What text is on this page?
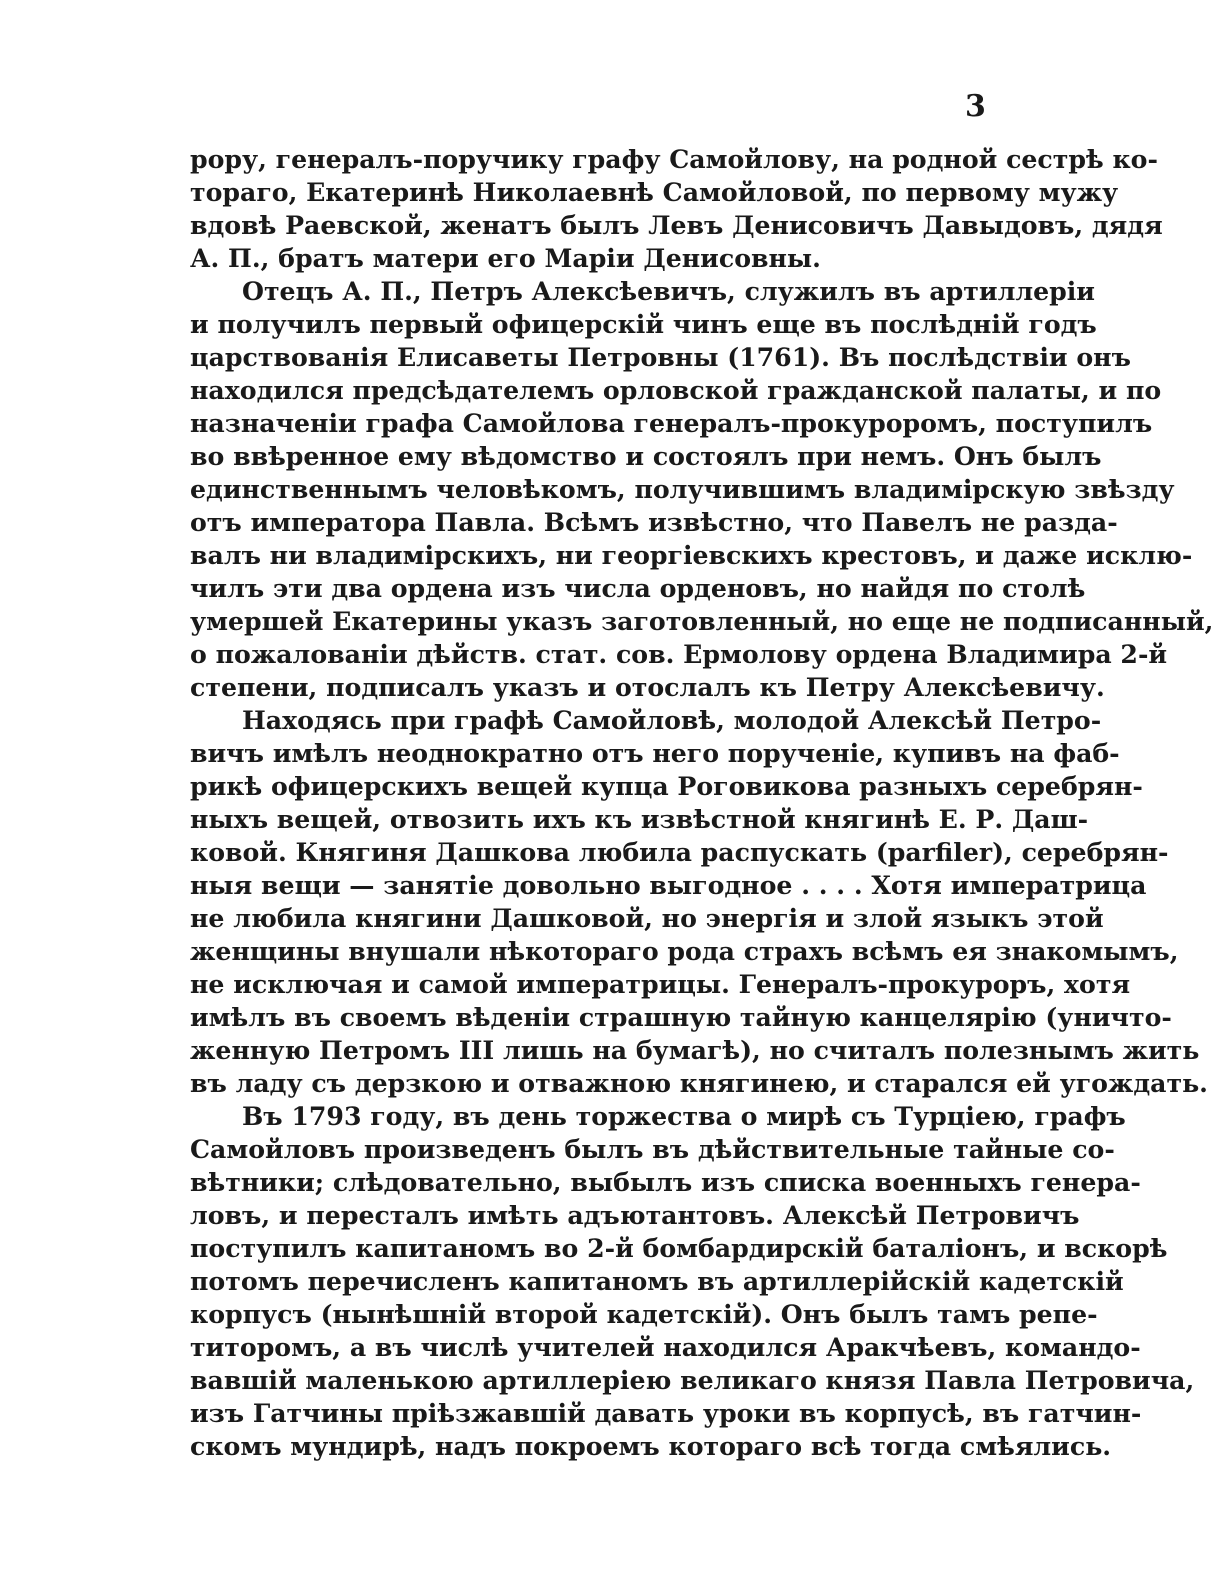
3
рору, генералъ-поручику графу Самойлову, на родной сестрѣ ко-
тораго, Екатеринѣ Николаевнѣ Самойловой, по первому мужу
вдовѣ Раевской, женатъ былъ Левъ Денисовичъ Давыдовъ, дядя
А. П., братъ матери его Маріи Денисовны.
Отецъ А. П., Петръ Алексѣевичъ, служилъ въ артиллеріи
и получилъ первый офицерскій чинъ еще въ послѣдній годъ
царствованія Елисаветы Петровны (1761). Въ послѣдствіи онъ
находился предсѣдателемъ орловской гражданской палаты, и по
назначеніи графа Самойлова генералъ-прокуроромъ, поступилъ
во ввѣренное ему вѣдомство и состоялъ при немъ. Онъ былъ
единственнымъ человѣкомъ, получившимъ владимірскую звѣзду
отъ императора Павла. Всѣмъ извѣстно, что Павелъ не разда-
валъ ни владимірскихъ, ни георгіевскихъ крестовъ, и даже исклю-
чилъ эти два ордена изъ числа орденовъ, но найдя по столѣ
умершей Екатерины указъ заготовленный, но еще не подписанный,
о пожалованіи дѣйств. стат. сов. Ермолову ордена Владимира 2-й
степени, подписалъ указъ и отослалъ къ Петру Алексѣевичу.
Находясь при графѣ Самойловѣ, молодой Алексѣй Петро-
вичъ имѣлъ неоднократно отъ него порученіе, купивъ на фаб-
рикѣ офицерскихъ вещей купца Роговикова разныхъ серебрян-
ныхъ вещей, отвозить ихъ къ извѣстной княгинѣ Е. Р. Даш-
ковой. Княгиня Дашкова любила распускать (parfiler), серебрян-
ныя вещи — занятіе довольно выгодное . . . . Хотя императрица
не любила княгини Дашковой, но энергія и злой языкъ этой
женщины внушали нѣкотораго рода страхъ всѣмъ ея знакомымъ,
не исключая и самой императрицы. Генералъ-прокуроръ, хотя
имѣлъ въ своемъ вѣденіи страшную тайную канцелярію (уничто-
женную Петромъ III лишь на бумагѣ), но считалъ полезнымъ жить
въ ладу съ дерзкою и отважною княгинею, и старался ей угождать.
Въ 1793 году, въ день торжества о мирѣ съ Турціею, графъ
Самойловъ произведенъ былъ въ дѣйствительные тайные со-
вѣтники; слѣдовательно, выбылъ изъ списка военныхъ генера-
ловъ, и пересталъ имѣть адъютантовъ. Алексѣй Петровичъ
поступилъ капитаномъ во 2-й бомбардирскій баталіонъ, и вскорѣ
потомъ перечисленъ капитаномъ въ артиллерійскій кадетскій
корпусъ (нынѣшній второй кадетскій). Онъ былъ тамъ репе-
титоромъ, а въ числѣ учителей находился Аракчѣевъ, командо-
вавшій маленькою артиллеріею великаго князя Павла Петровича,
изъ Гатчины пріѣзжавшій давать уроки въ корпусѣ, въ гатчин-
скомъ мундирѣ, надъ покроемъ котораго всѣ тогда смѣялись.
